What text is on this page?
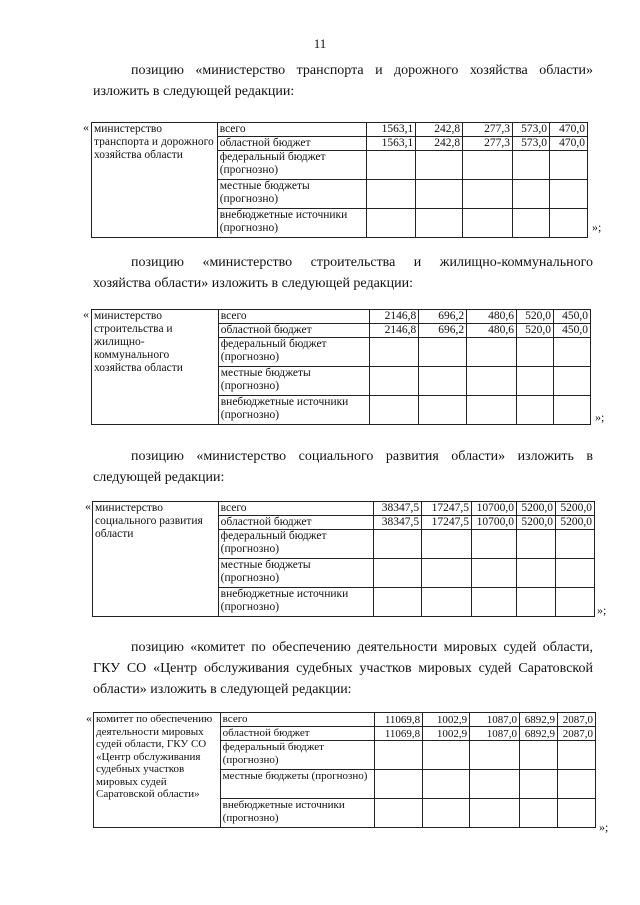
11
позицию «министерство транспорта и дорожного хозяйства области» изложить в следующей редакции:
« министерство транспорта и дорожного хозяйства области	всего	1563,1	242,8	277,3	573,0	470,0
	областной бюджет	1563,1	242,8	277,3	573,0	470,0
	федеральный бюджет (прогнозно)					
	местные бюджеты (прогнозно)					
	внебюджетные источники (прогнозно)						»;
позицию «министерство строительства и жилищно-коммунального хозяйства области» изложить в следующей редакции:
« министерство строительства и жилищно-коммунального хозяйства области	всего	2146,8	696,2	480,6	520,0	450,0
	областной бюджет	2146,8	696,2	480,6	520,0	450,0
	федеральный бюджет (прогнозно)					
	местные бюджеты (прогнозно)					
	внебюджетные источники (прогнозно)						»;
позицию «министерство социального развития области» изложить в следующей редакции:
« министерство социального развития области	всего	38347,5	17247,5	10700,0	5200,0	5200,0
	областной бюджет	38347,5	17247,5	10700,0	5200,0	5200,0
	федеральный бюджет (прогнозно)					
	местные бюджеты (прогнозно)					
	внебюджетные источники (прогнозно)						»;
позицию «комитет по обеспечению деятельности мировых судей области, ГКУ СО «Центр обслуживания судебных участков мировых судей Саратовской области» изложить в следующей редакции:
« комитет по обеспечению деятельности мировых судей области, ГКУ СО «Центр обслуживания судебных участков мировых судей Саратовской области»	всего	11069,8	1002,9	1087,0	6892,9	2087,0
	областной бюджет	11069,8	1002,9	1087,0	6892,9	2087,0
	федеральный бюджет (прогнозно)					
	местные бюджеты (прогнозно)					
	внебюджетные источники (прогнозно)					
»;
